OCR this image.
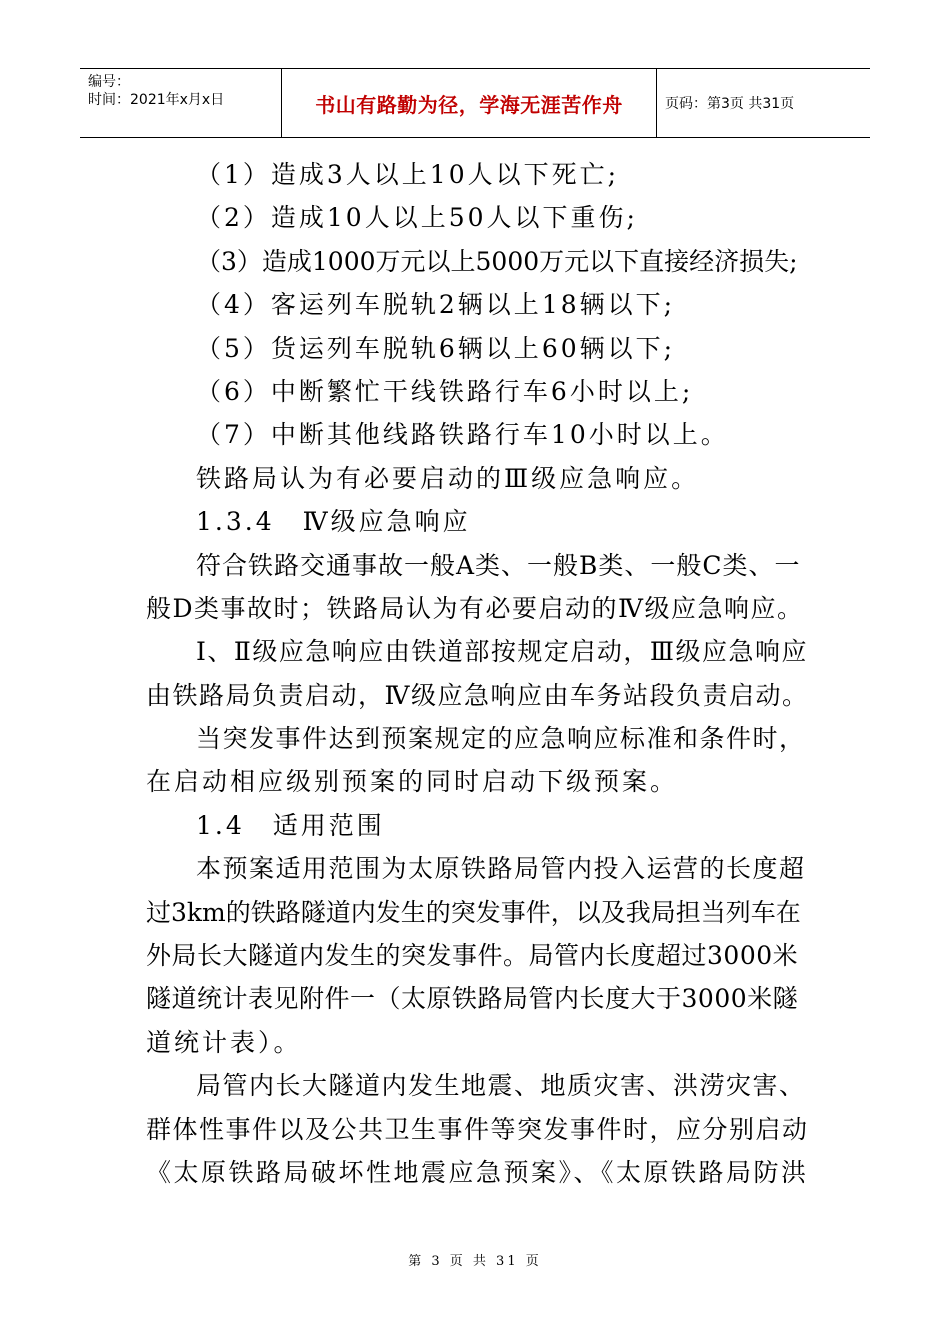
编号：
时间：2021年x月x日	书山有路勤为径，学海无涯苦作舟	页码：第3页 共31页
（1）造成3人以上10人以下死亡;
（2）造成10人以上50人以下重伤;
（3）造成1000万元以上5000万元以下直接经济损失;
（4）客运列车脱轨2辆以上18辆以下;
（5）货运列车脱轨6辆以上60辆以下;
（6）中断繁忙干线铁路行车6小时以上;
（7）中断其他线路铁路行车10小时以上。
铁路局认为有必要启动的Ⅲ级应急响应。
1.3.4　Ⅳ级应急响应
符合铁路交通事故一般A类、一般B类、一般C类、一
般D类事故时；铁路局认为有必要启动的Ⅳ级应急响应。
Ⅰ、Ⅱ级应急响应由铁道部按规定启动，Ⅲ级应急响应
由铁路局负责启动，Ⅳ级应急响应由车务站段负责启动。
当突发事件达到预案规定的应急响应标准和条件时，
在启动相应级别预案的同时启动下级预案。
1.4　适用范围
本预案适用范围为太原铁路局管内投入运营的长度超
过3km的铁路隧道内发生的突发事件，以及我局担当列车在
外局长大隧道内发生的突发事件。局管内长度超过3000米
隧道统计表见附件一（太原铁路局管内长度大于3000米隧
道统计表）。
局管内长大隧道内发生地震、地质灾害、洪涝灾害、
群体性事件以及公共卫生事件等突发事件时，应分别启动
《太原铁路局破坏性地震应急预案》、《太原铁路局防洪
第 3 页 共 31 页
